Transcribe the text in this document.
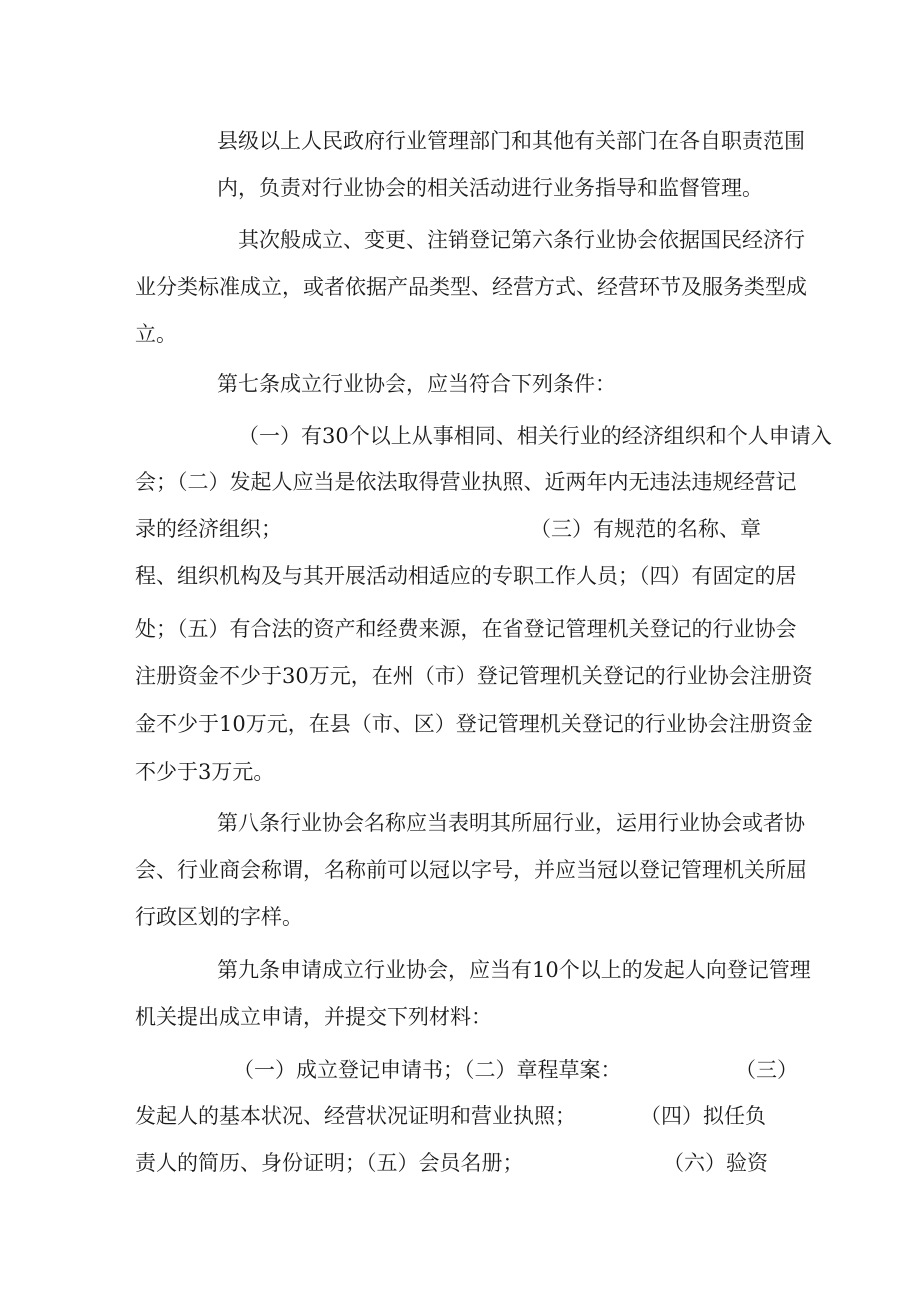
县级以上人民政府行业管理部门和其他有关部门在各自职责范围

内，负责对行业协会的相关活动进行业务指导和监督管理。

其次般成立、变更、注销登记第六条行业协会依据国民经济行

业分类标准成立，或者依据产品类型、经营方式、经营环节及服务类型成

立。

第七条成立行业协会，应当符合下列条件：

（一）有30个以上从事相同、相关行业的经济组织和个人申请入

会；（二）发起人应当是依法取得营业执照、近两年内无违法违规经营记

录的经济组织；	（三）有规范的名称、章

程、组织机构及与其开展活动相适应的专职工作人员；（四）有固定的居

处；（五）有合法的资产和经费来源，在省登记管理机关登记的行业协会

注册资金不少于30万元，在州（市）登记管理机关登记的行业协会注册资

金不少于10万元，在县（市、区）登记管理机关登记的行业协会注册资金

不少于3万元。

第八条行业协会名称应当表明其所屈行业，运用行业协会或者协

会、行业商会称谓，名称前可以冠以字号，并应当冠以登记管理机关所屈

行政区划的字样。

第九条申请成立行业协会，应当有10个以上的发起人向登记管理

机关提出成立申请，并提交下列材料：

（一）成立登记申请书；（二）章程草案：	（三）

发起人的基本状况、经营状况证明和营业执照；	（四）拟任负

责人的简历、身份证明；（五）会员名册；	（六）验资
